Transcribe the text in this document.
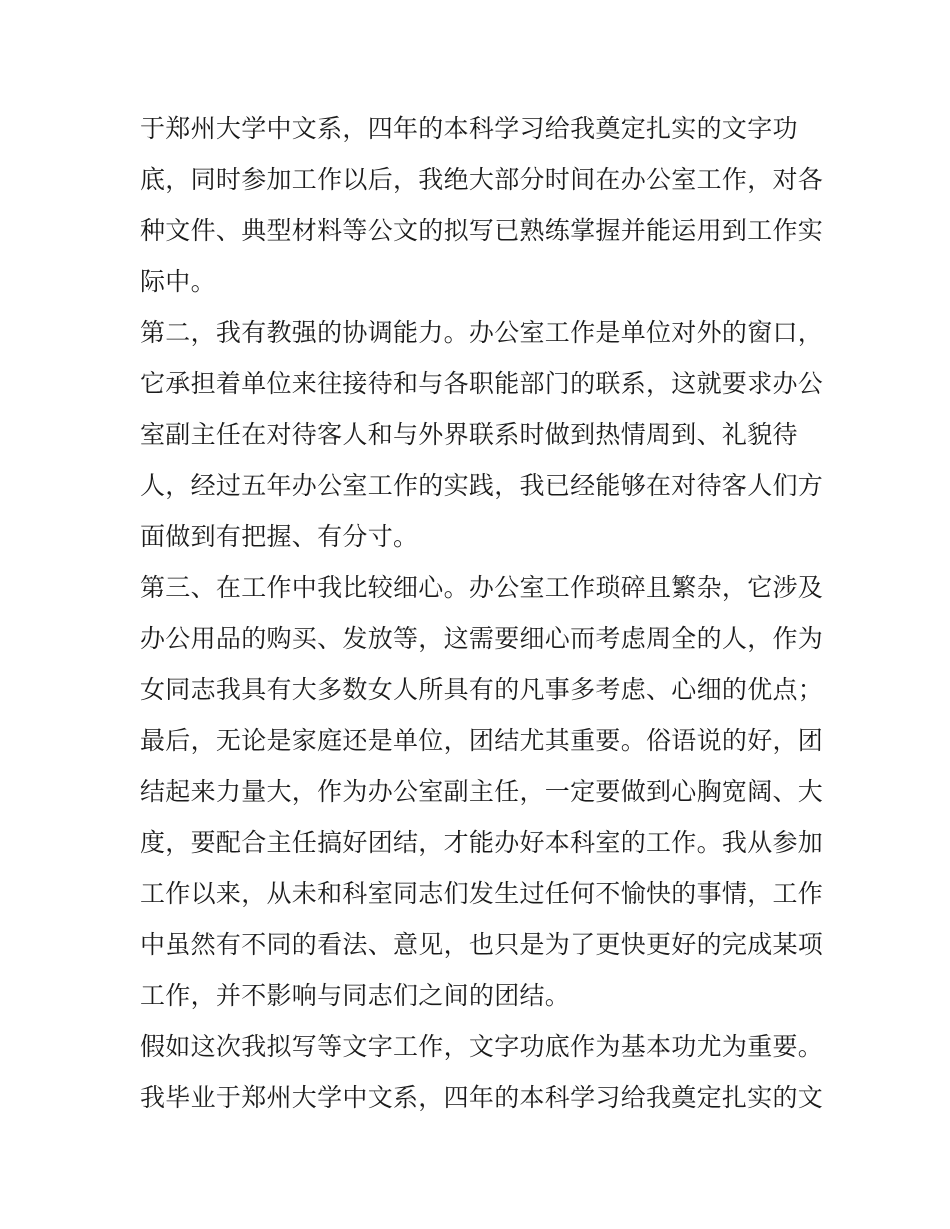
于郑州大学中文系，四年的本科学习给我奠定扎实的文字功
底，同时参加工作以后，我绝大部分时间在办公室工作，对各
种文件、典型材料等公文的拟写已熟练掌握并能运用到工作实
际中。
第二，我有教强的协调能力。办公室工作是单位对外的窗口，
它承担着单位来往接待和与各职能部门的联系，这就要求办公
室副主任在对待客人和与外界联系时做到热情周到、礼貌待
人，经过五年办公室工作的实践，我已经能够在对待客人们方
面做到有把握、有分寸。
第三、在工作中我比较细心。办公室工作琐碎且繁杂，它涉及
办公用品的购买、发放等，这需要细心而考虑周全的人，作为
女同志我具有大多数女人所具有的凡事多考虑、心细的优点；
最后，无论是家庭还是单位，团结尤其重要。俗语说的好，团
结起来力量大，作为办公室副主任，一定要做到心胸宽阔、大
度，要配合主任搞好团结，才能办好本科室的工作。我从参加
工作以来，从未和科室同志们发生过任何不愉快的事情，工作
中虽然有不同的看法、意见，也只是为了更快更好的完成某项
工作，并不影响与同志们之间的团结。
假如这次我拟写等文字工作，文字功底作为基本功尤为重要。
我毕业于郑州大学中文系，四年的本科学习给我奠定扎实的文
